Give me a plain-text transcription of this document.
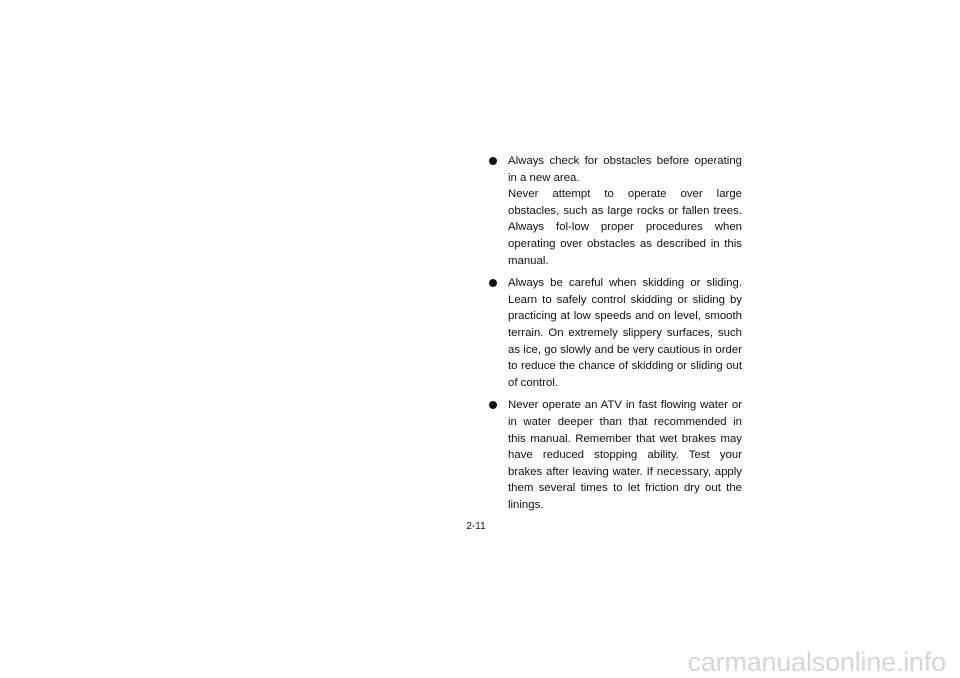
Always check for obstacles before operating in a new area.

Never attempt to operate over large obstacles, such as large rocks or fallen trees. Always fol-low proper procedures when operating over obstacles as described in this manual.

Always be careful when skidding or sliding. Learn to safely control skidding or sliding by practicing at low speeds and on level, smooth terrain. On extremely slippery surfaces, such as ice, go slowly and be very cautious in order to reduce the chance of skidding or sliding out of control.

Never operate an ATV in fast flowing water or in water deeper than that recommended in this manual. Remember that wet brakes may have reduced stopping ability. Test your brakes after leaving water. If necessary, apply them several times to let friction dry out the linings.

2-11
carmanualsonline.info
